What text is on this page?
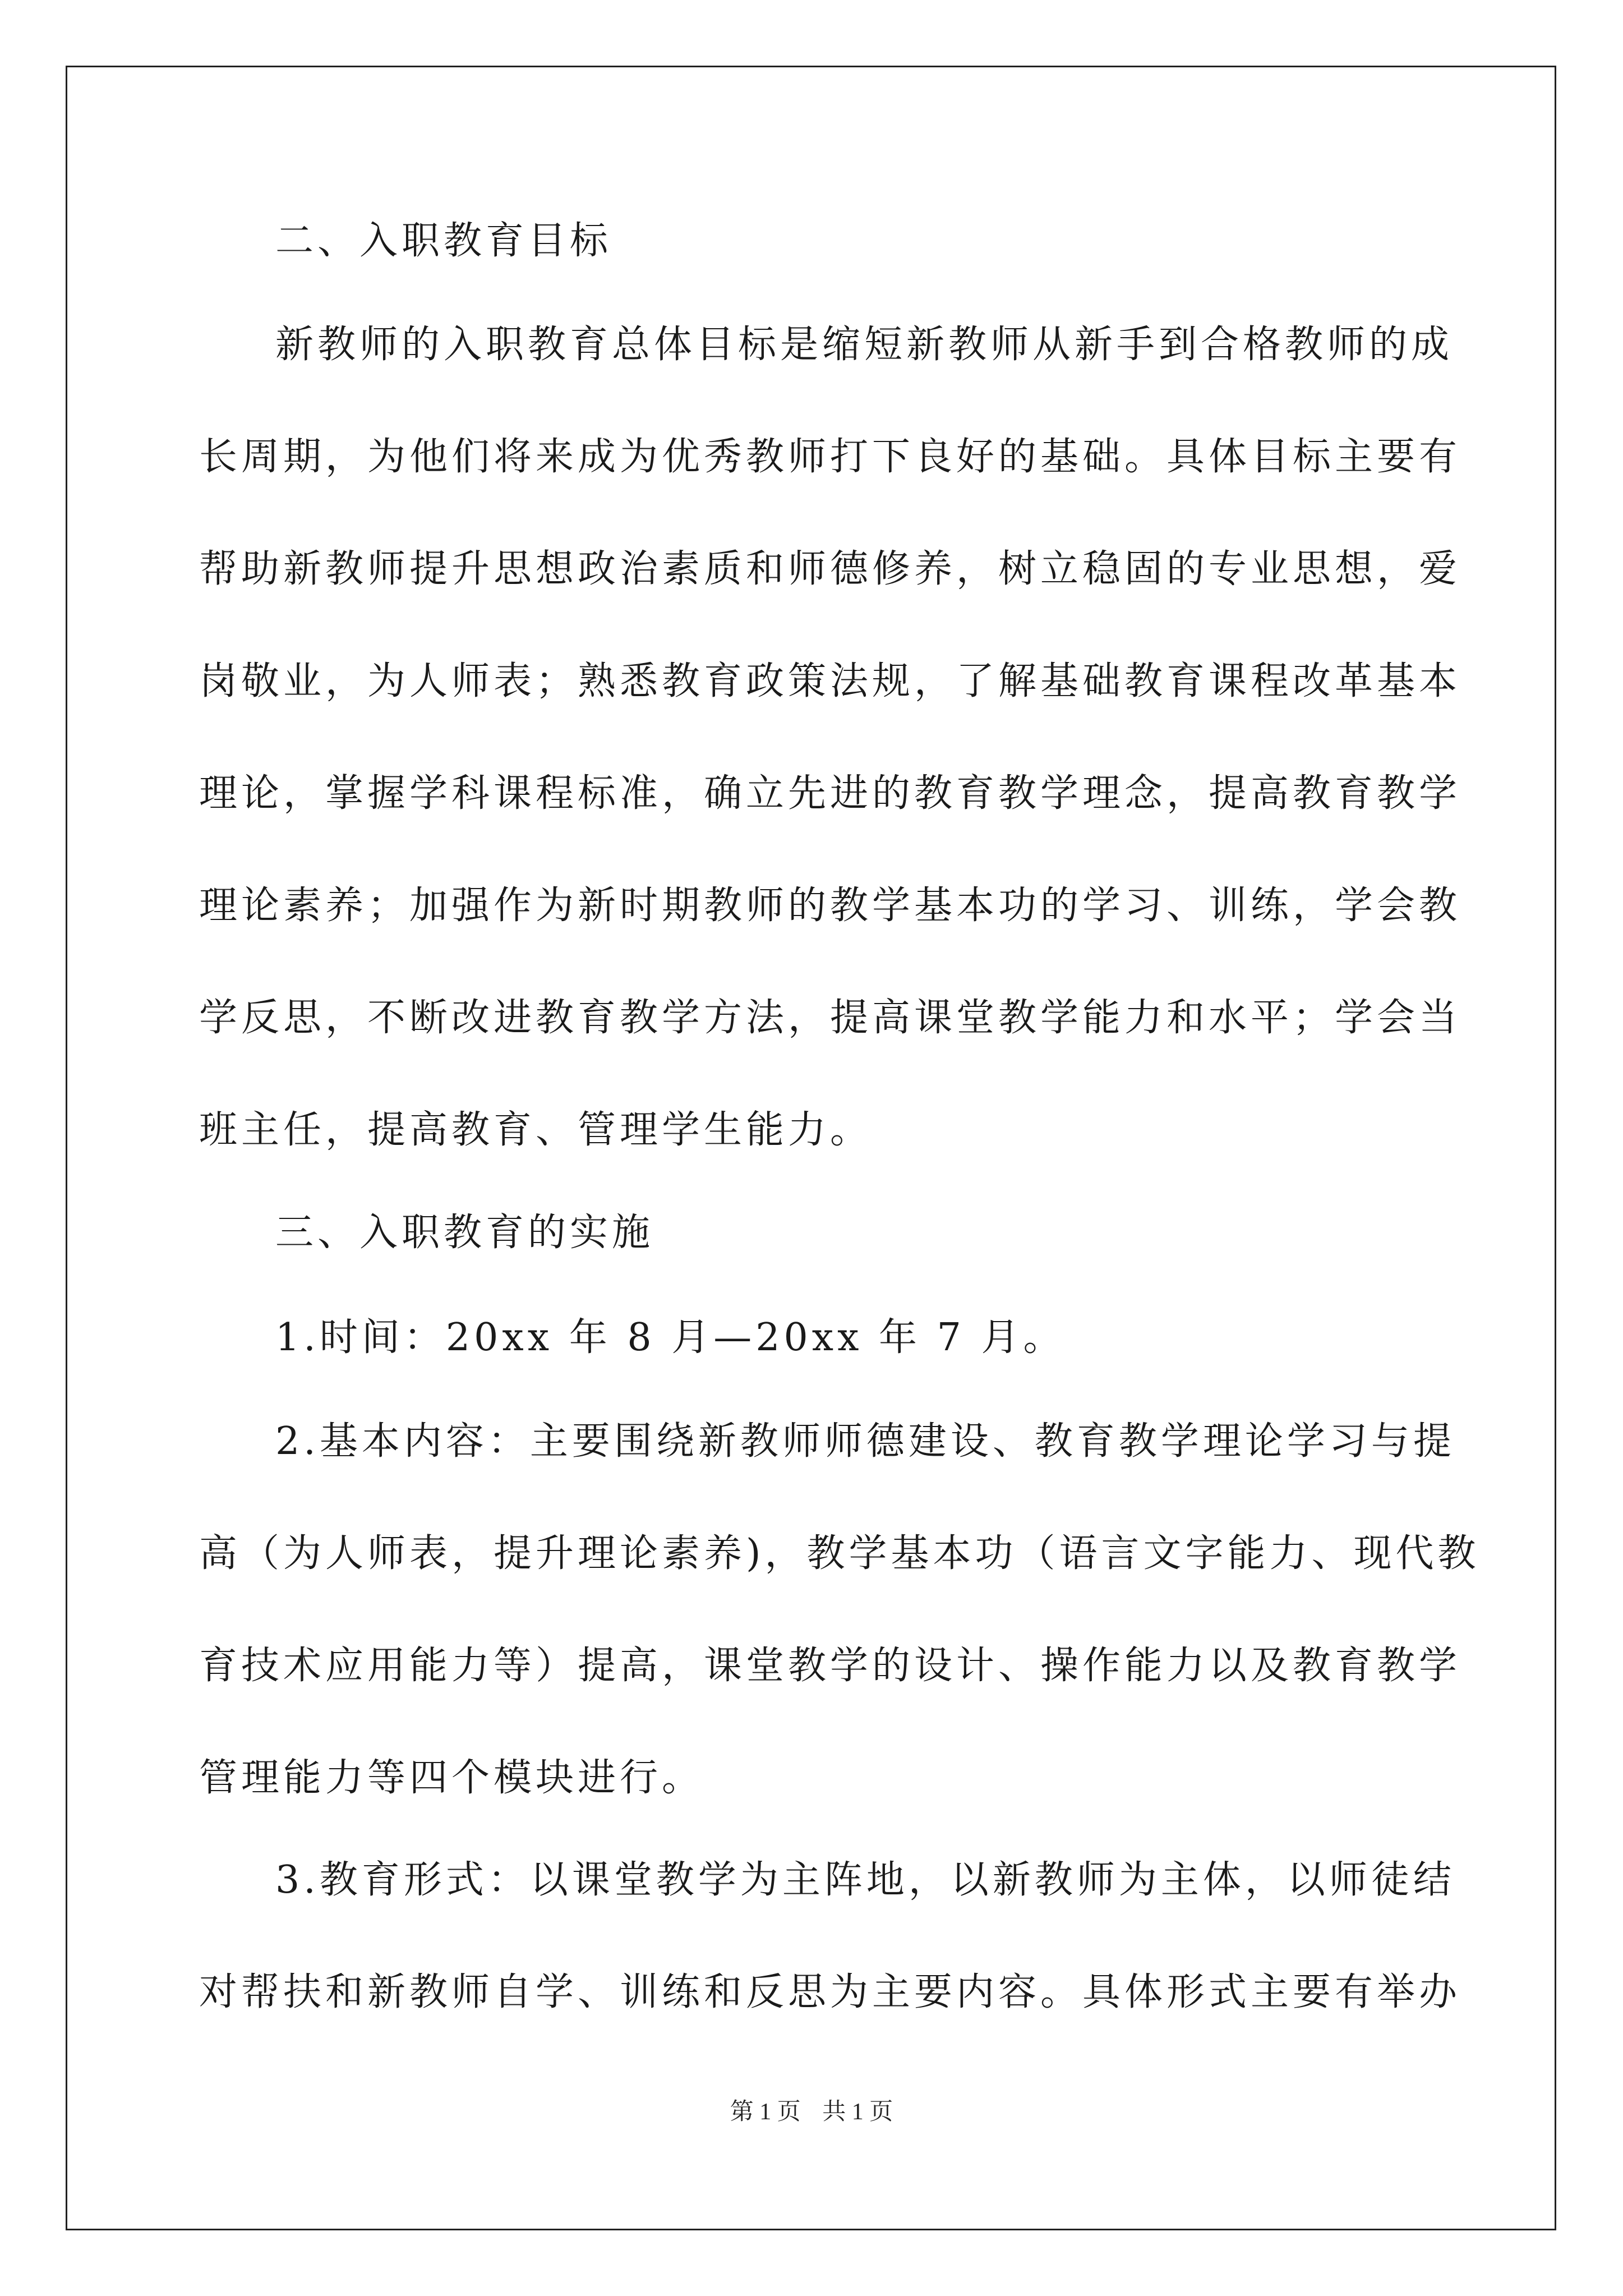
二、入职教育目标
新教师的入职教育总体目标是缩短新教师从新手到合格教师的成
长周期，为他们将来成为优秀教师打下良好的基础。具体目标主要有
帮助新教师提升思想政治素质和师德修养，树立稳固的专业思想，爱
岗敬业，为人师表；熟悉教育政策法规，了解基础教育课程改革基本
理论，掌握学科课程标准，确立先进的教育教学理念，提高教育教学
理论素养；加强作为新时期教师的教学基本功的学习、训练，学会教
学反思，不断改进教育教学方法，提高课堂教学能力和水平；学会当
班主任，提高教育、管理学生能力。
三、入职教育的实施
1.时间：20xx 年 8 月—20xx 年 7 月。
2.基本内容：主要围绕新教师师德建设、教育教学理论学习与提
高（为人师表，提升理论素养)，教学基本功（语言文字能力、现代教
育技术应用能力等）提高，课堂教学的设计、操作能力以及教育教学
管理能力等四个模块进行。
3.教育形式：以课堂教学为主阵地，以新教师为主体，以师徒结
对帮扶和新教师自学、训练和反思为主要内容。具体形式主要有举办
第 1 页 共 1 页
